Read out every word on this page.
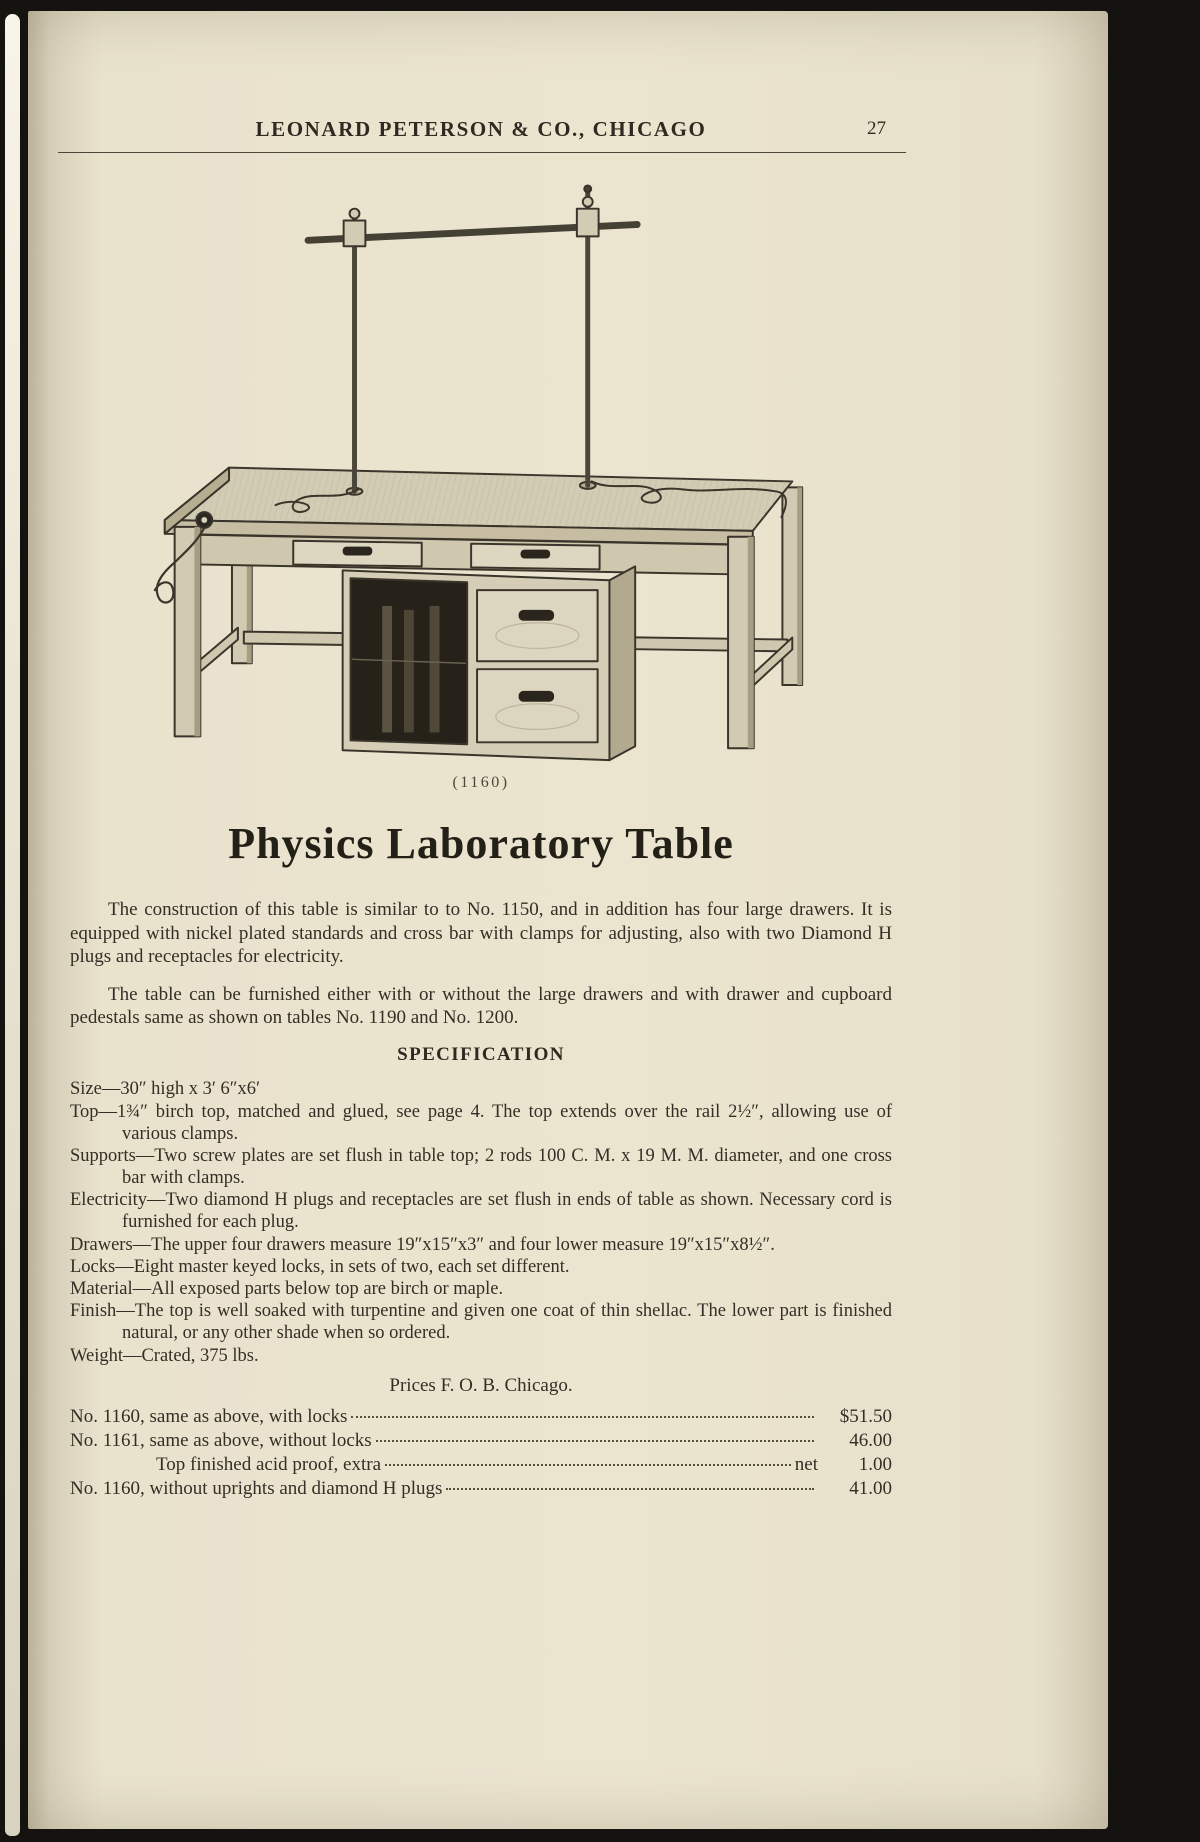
LEONARD PETERSON & CO., CHICAGO	27
(1160)
Physics Laboratory Table

The construction of this table is similar to to No. 1150, and in addition has four large drawers. It is equipped with nickel plated standards and cross bar with clamps for adjusting, also with two Diamond H plugs and receptacles for electricity.

The table can be furnished either with or without the large drawers and with drawer and cupboard pedestals same as shown on tables No. 1190 and No. 1200.

SPECIFICATION

Size—30″ high x 3′ 6″x6′

Top—1¾″ birch top, matched and glued, see page 4. The top extends over the rail 2½″, allowing use of various clamps.

Supports—Two screw plates are set flush in table top; 2 rods 100 C. M. x 19 M. M. diameter, and one cross bar with clamps.

Electricity—Two diamond H plugs and receptacles are set flush in ends of table as shown. Necessary cord is furnished for each plug.

Drawers—The upper four drawers measure 19″x15″x3″ and four lower measure 19″x15″x8½″.

Locks—Eight master keyed locks, in sets of two, each set different.

Material—All exposed parts below top are birch or maple.

Finish—The top is well soaked with turpentine and given one coat of thin shellac. The lower part is finished natural, or any other shade when so ordered.

Weight—Crated, 375 lbs.

Prices F. O. B. Chicago.
No. 1160, same as above, with locks	$51.50
No. 1161, same as above, without locks	46.00
Top finished acid proof, extra	net	1.00
No. 1160, without uprights and diamond H plugs	41.00
